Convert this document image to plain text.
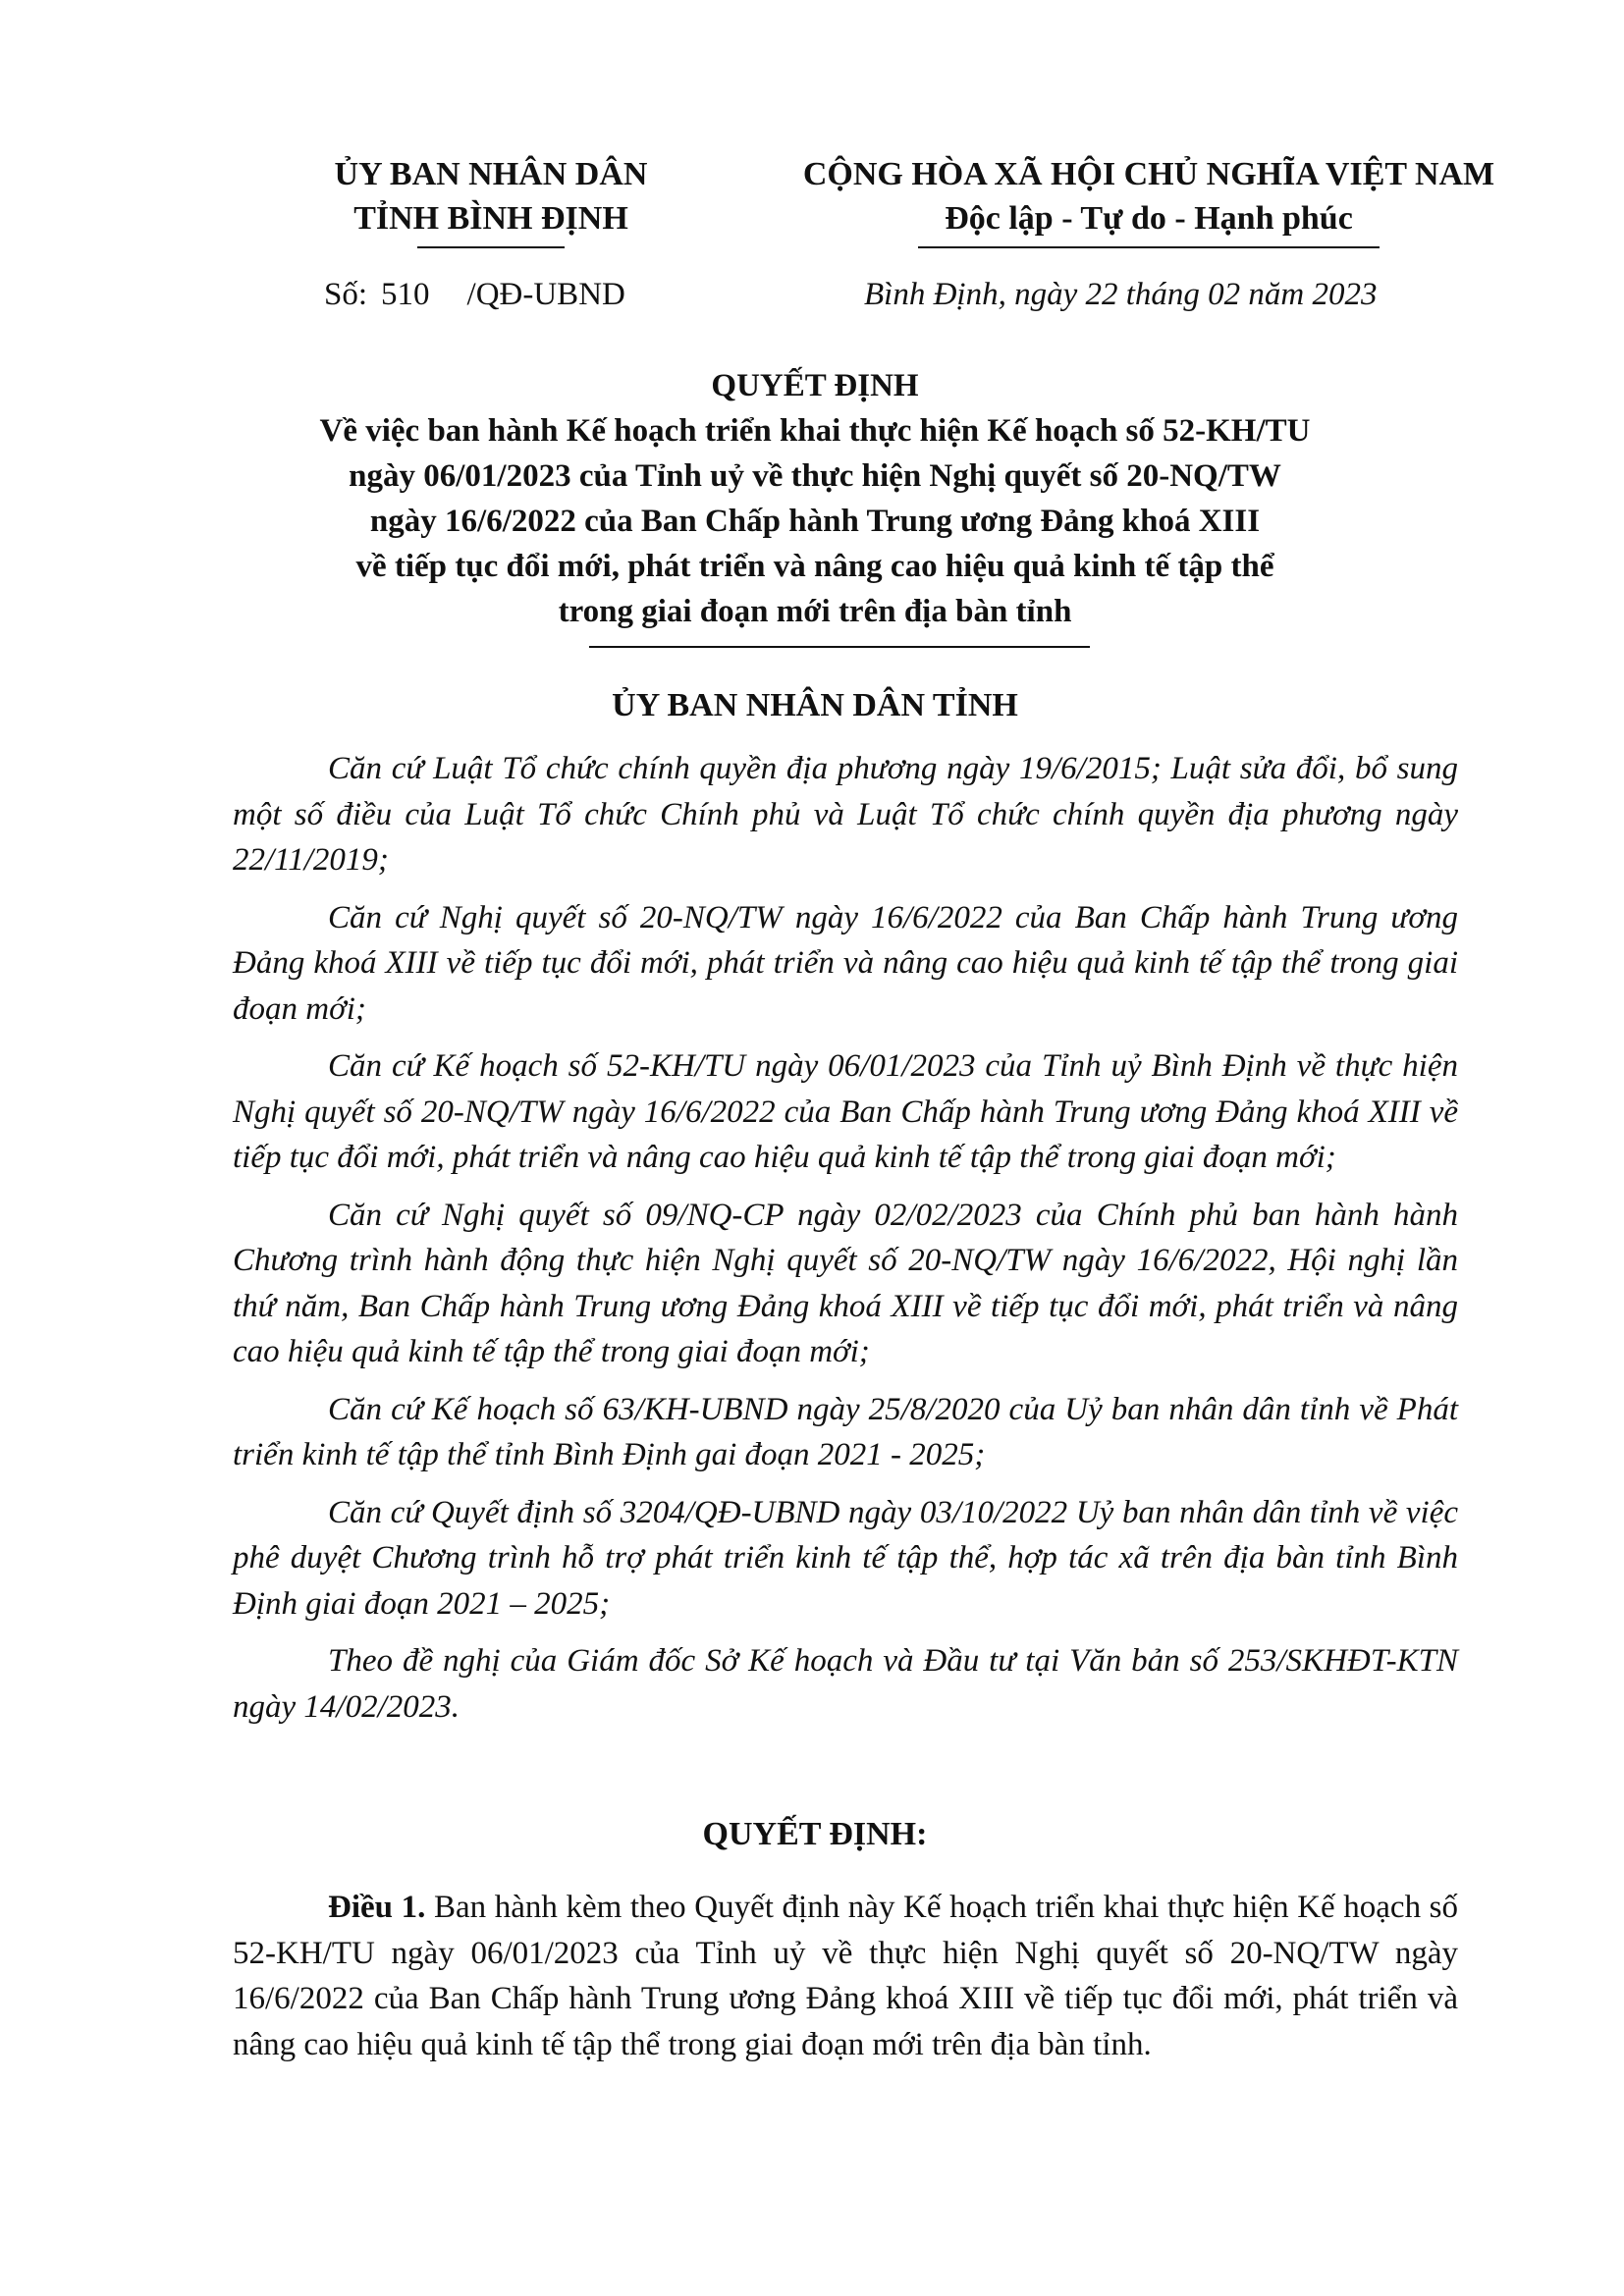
ỦY BAN NHÂN DÂN
TỈNH BÌNH ĐỊNH
CỘNG HÒA XÃ HỘI CHỦ NGHĨA VIỆT NAM
Độc lập - Tự do - Hạnh phúc
Số: 510 /QĐ-UBND	Bình Định, ngày 22 tháng 02 năm 2023
QUYẾT ĐỊNH
Về việc ban hành Kế hoạch triển khai thực hiện Kế hoạch số 52-KH/TU
ngày 06/01/2023 của Tỉnh uỷ về thực hiện Nghị quyết số 20-NQ/TW
ngày 16/6/2022 của Ban Chấp hành Trung ương Đảng khoá XIII
về tiếp tục đổi mới, phát triển và nâng cao hiệu quả kinh tế tập thể
trong giai đoạn mới trên địa bàn tỉnh
ỦY BAN NHÂN DÂN TỈNH

Căn cứ Luật Tổ chức chính quyền địa phương ngày 19/6/2015; Luật sửa đổi, bổ sung một số điều của Luật Tổ chức Chính phủ và Luật Tổ chức chính quyền địa phương ngày 22/11/2019;

Căn cứ Nghị quyết số 20-NQ/TW ngày 16/6/2022 của Ban Chấp hành Trung ương Đảng khoá XIII về tiếp tục đổi mới, phát triển và nâng cao hiệu quả kinh tế tập thể trong giai đoạn mới;

Căn cứ Kế hoạch số 52-KH/TU ngày 06/01/2023 của Tỉnh uỷ Bình Định về thực hiện Nghị quyết số 20-NQ/TW ngày 16/6/2022 của Ban Chấp hành Trung ương Đảng khoá XIII về tiếp tục đổi mới, phát triển và nâng cao hiệu quả kinh tế tập thể trong giai đoạn mới;

Căn cứ Nghị quyết số 09/NQ-CP ngày 02/02/2023 của Chính phủ ban hành hành Chương trình hành động thực hiện Nghị quyết số 20-NQ/TW ngày 16/6/2022, Hội nghị lần thứ năm, Ban Chấp hành Trung ương Đảng khoá XIII về tiếp tục đổi mới, phát triển và nâng cao hiệu quả kinh tế tập thể trong giai đoạn mới;

Căn cứ Kế hoạch số 63/KH-UBND ngày 25/8/2020 của Uỷ ban nhân dân tỉnh về Phát triển kinh tế tập thể tỉnh Bình Định gai đoạn 2021 - 2025;

Căn cứ Quyết định số 3204/QĐ-UBND ngày 03/10/2022 Uỷ ban nhân dân tỉnh về việc phê duyệt Chương trình hỗ trợ phát triển kinh tế tập thể, hợp tác xã trên địa bàn tỉnh Bình Định giai đoạn 2021 – 2025;

Theo đề nghị của Giám đốc Sở Kế hoạch và Đầu tư tại Văn bản số 253/SKHĐT-KTN ngày 14/02/2023.

QUYẾT ĐỊNH:

Điều 1. Ban hành kèm theo Quyết định này Kế hoạch triển khai thực hiện Kế hoạch số 52-KH/TU ngày 06/01/2023 của Tỉnh uỷ về thực hiện Nghị quyết số 20-NQ/TW ngày 16/6/2022 của Ban Chấp hành Trung ương Đảng khoá XIII về tiếp tục đổi mới, phát triển và nâng cao hiệu quả kinh tế tập thể trong giai đoạn mới trên địa bàn tỉnh.
